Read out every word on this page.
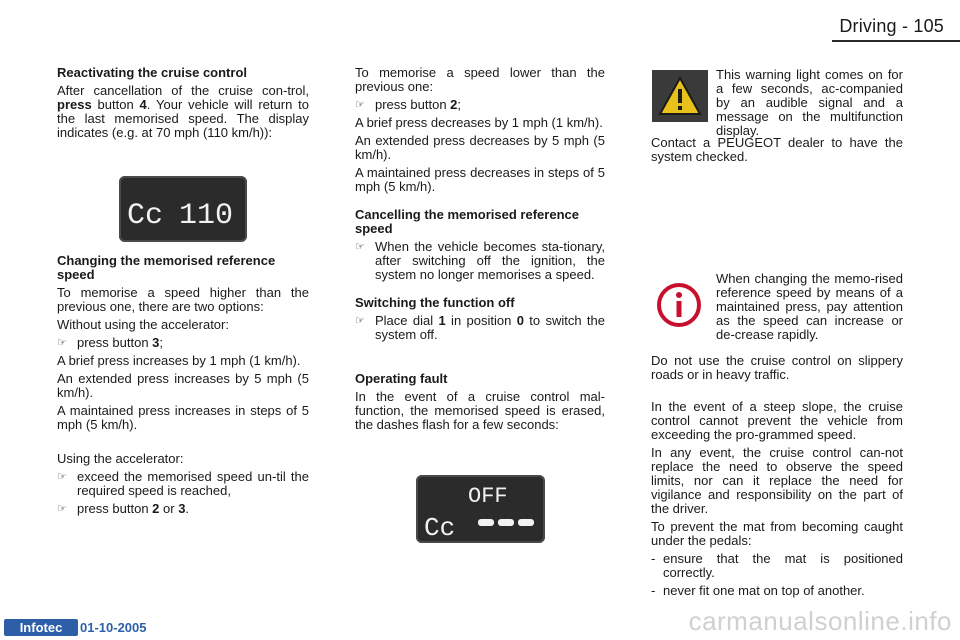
Driving - 105
Reactivating the cruise control

After cancellation of the cruise con-trol, press button 4. Your vehicle will return to the last memorised speed. The display indicates (e.g. at 70 mph (110 km/h)):

Changing the memorised reference speed

To memorise a speed higher than the previous one, there are two options:

Without using the accelerator:

☞ press button 3;

A brief press increases by 1 mph (1 km/h).

An extended press increases by 5 mph (5 km/h).

A maintained press increases in steps of 5 mph (5 km/h).

Using the accelerator:

☞ exceed the memorised speed un-til the required speed is reached,
☞ press button 2 or 3.
Cc 110

To memorise a speed lower than the previous one:

☞ press button 2;

A brief press decreases by 1 mph (1 km/h).

An extended press decreases by 5 mph (5 km/h).

A maintained press decreases in steps of 5 mph (5 km/h).

Cancelling the memorised reference speed
☞ When the vehicle becomes sta-tionary, after switching off the ignition, the system no longer memorises a speed.
Switching the function off
☞ Place dial 1 in position 0 to switch the system off.
Operating fault

In the event of a cruise control mal-function, the memorised speed is erased, the dashes flash for a few seconds:

OFF
Cc
This warning light comes on for a few seconds, ac-companied by an audible signal and a message on the multifunction display.

Contact a PEUGEOT dealer to have the system checked.

When changing the memo-rised reference speed by means of a maintained press, pay attention as the speed can increase or de-crease rapidly.

Do not use the cruise control on slippery roads or in heavy traffic.

In the event of a steep slope, the cruise control cannot prevent the vehicle from exceeding the pro-grammed speed.

In any event, the cruise control can-not replace the need to observe the speed limits, nor can it replace the need for vigilance and responsibility on the part of the driver.

To prevent the mat from becoming caught under the pedals:

- ensure that the mat is positioned correctly.
- never fit one mat on top of another.
Infotec	01-10-2005	carmanualsonline.info
